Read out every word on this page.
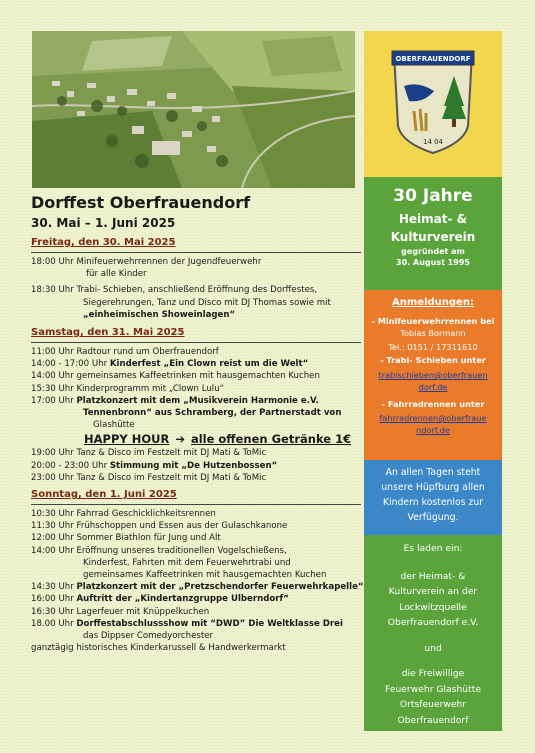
Dorffest Oberfrauendorf
30. Mai – 1. Juni 2025
Freitag, den 30. Mai 2025
18:00 Uhr Minifeuerwehrrennen der Jugendfeuerwehr
für alle Kinder
18:30 Uhr Trabi- Schieben, anschließend Eröffnung des Dorffestes,
Siegerehrungen, Tanz und Disco mit DJ Thomas sowie mit
„einheimischen Showeinlagen“
Samstag, den 31. Mai 2025
11:00 Uhr Radtour rund um Oberfrauendorf
14:00 - 17:00 Uhr Kinderfest „Ein Clown reist um die Welt“
14:00 Uhr gemeinsames Kaffeetrinken mit hausgemachten Kuchen
15:30 Uhr Kinderprogramm mit „Clown Lulu“
17:00 Uhr Platzkonzert mit dem „Musikverein Harmonie e.V.
Tennenbronn“ aus Schramberg, der Partnerstadt von
Glashütte
HAPPY HOUR ➔ alle offenen Getränke 1€
19:00 Uhr Tanz & Disco im Festzelt mit DJ Mati & ToMic
20:00 - 23:00 Uhr Stimmung mit „De Hutzenbossen“
23:00 Uhr Tanz & Disco im Festzelt mit DJ Mati & ToMic
Sonntag, den 1. Juni 2025
10:30 Uhr Fahrrad Geschicklichkeitsrennen
11:30 Uhr Frühschoppen und Essen aus der Gulaschkanone
12:00 Uhr Sommer Biathlon für Jung und Alt
14:00 Uhr Eröffnung unseres traditionellen Vogelschießens,
Kinderfest, Fahrten mit dem Feuerwehrtrabi und
gemeinsames Kaffeetrinken mit hausgemachten Kuchen
14:30 Uhr Platzkonzert mit der „Pretzschendorfer Feuerwehrkapelle“
16:00 Uhr Auftritt der „Kindertanzgruppe Ulberndorf“
16:30 Uhr Lagerfeuer mit Knüppelkuchen
18.00 Uhr Dorffestabschlussshow mit “DWD” Die Weltklasse Drei
das Dippser Comedyorchester
ganztägig historisches Kinderkarussell & Handwerkermarkt
OBERFRAUENDORF
14 04
30 Jahre
Heimat- &
Kulturverein
gegründet am
30. August 1995
Anmeldungen:
- Minifeuerwehrrennen bei
Tobias Bormann
Tel.: 0151 / 17311610
- Trabi- Schieben unter
trabischieben@oberfrauen
dorf.de
- Fahrradrennen unter
fahrradrennen@oberfraue
ndorf.de
An allen Tagen steht unsere Hüpfburg allen Kindern kostenlos zur Verfügung.
Es laden ein:
der Heimat- &
Kulturverein an der
Lockwitzquelle
Oberfrauendorf e.V.
und
die Freiwillige
Feuerwehr Glashütte
Ortsfeuerwehr
Oberfrauendorf
